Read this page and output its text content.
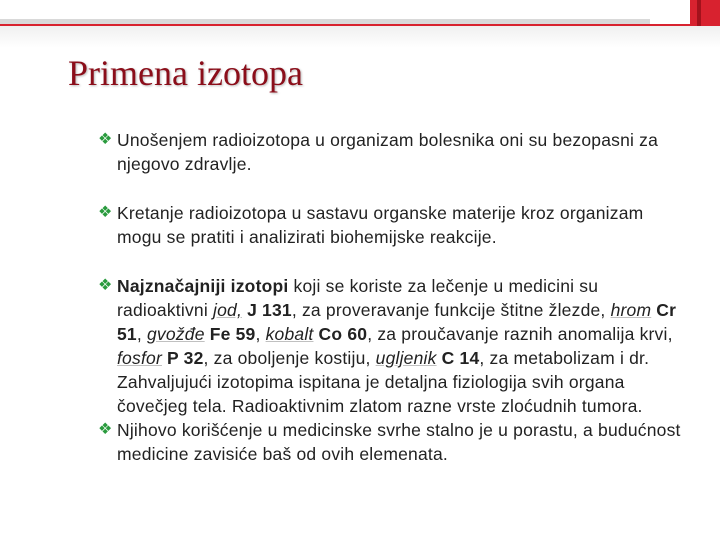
Primena izotopa
❖ Unošenjem radioizotopa u organizam bolesnika oni su bezopasni za njegovo zdravlje.
❖ Kretanje radioizotopa u sastavu organske materije kroz organizam mogu se pratiti i analizirati biohemijske reakcije.
❖ Najznačajniji izotopi koji se koriste za lečenje u medicini su radioaktivni jod, J 131, za proveravanje funkcije štitne žlezde, hrom Cr 51, gvožđe Fe 59, kobalt Co 60, za proučavanje raznih anomalija krvi, fosfor P 32, za oboljenje kostiju, ugljenik C 14, za metabolizam i dr. Zahvaljujući izotopima ispitana je detaljna fiziologija svih organa čovečjeg tela. Radioaktivnim zlatom razne vrste zloćudnih tumora.
❖ Njihovo korišćenje u medicinske svrhe stalno je u porastu, a budućnost medicine zavisiće baš od ovih elemenata.
